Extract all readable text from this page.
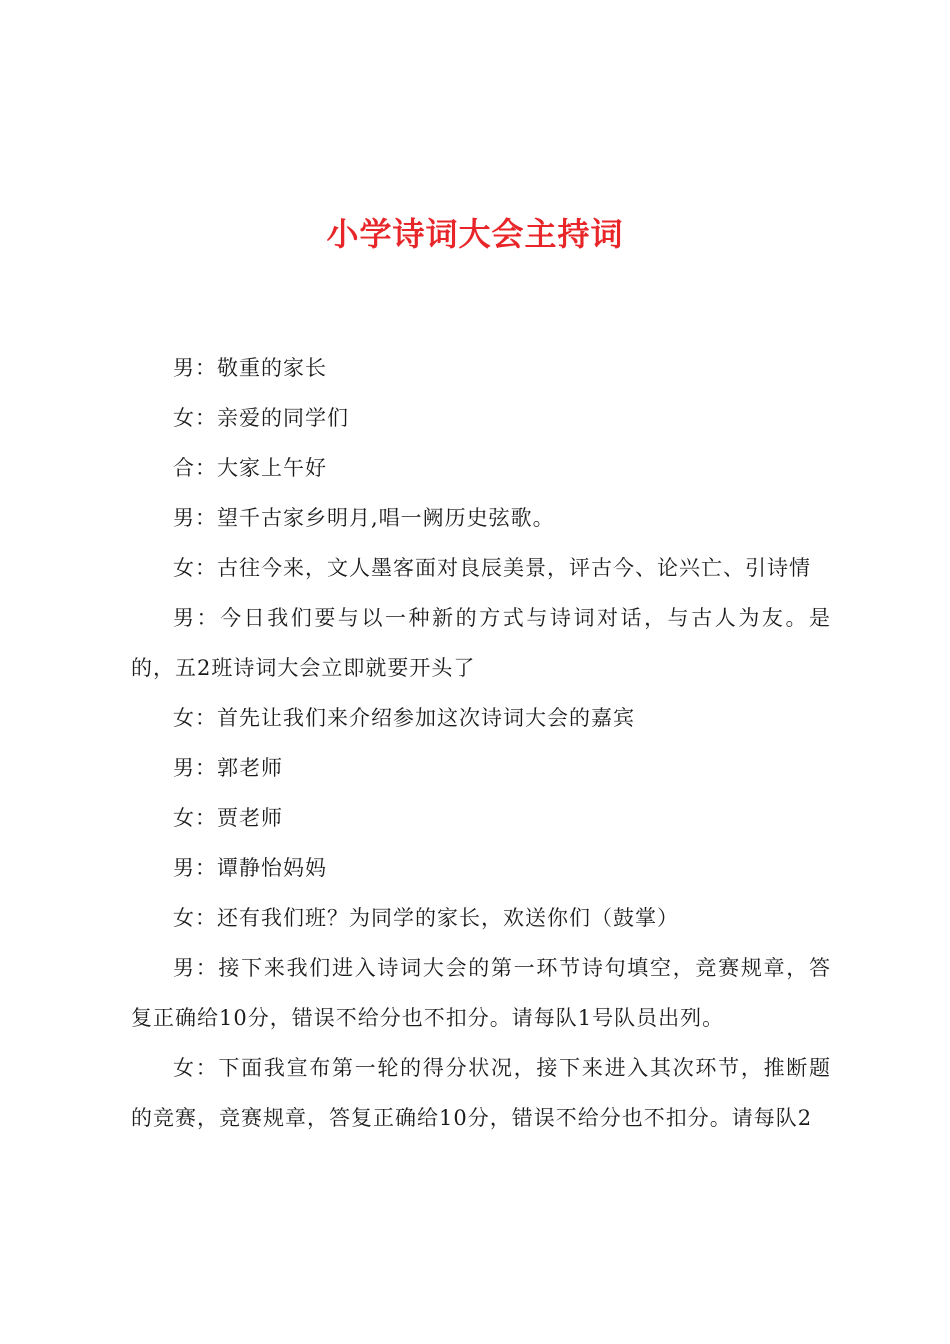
小学诗词大会主持词

男：敬重的家长

女：亲爱的同学们

合：大家上午好

男：望千古家乡明月,唱一阙历史弦歌。

女：古往今来，文人墨客面对良辰美景，评古今、论兴亡、引诗情

男：今日我们要与以一种新的方式与诗词对话，与古人为友。是的，五2班诗词大会立即就要开头了

女：首先让我们来介绍参加这次诗词大会的嘉宾

男：郭老师

女：贾老师

男：谭静怡妈妈

女：还有我们班？为同学的家长，欢送你们（鼓掌）

男：接下来我们进入诗词大会的第一环节诗句填空，竞赛规章，答复正确给10分，错误不给分也不扣分。请每队1号队员出列。

女：下面我宣布第一轮的得分状况，接下来进入其次环节，推断题的竞赛，竞赛规章，答复正确给10分，错误不给分也不扣分。请每队2
